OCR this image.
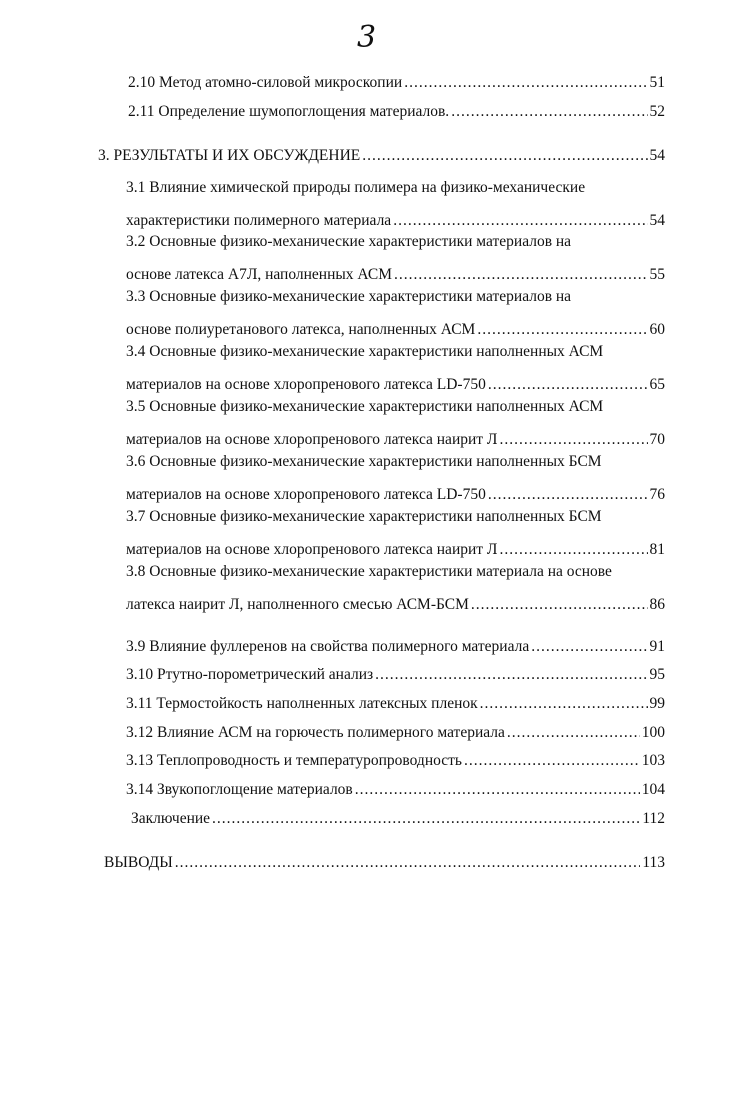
3
2.10 Метод атомно-силовой микроскопии .....	51
2.11 Определение шумопоглощения материалов. .....	52
3. РЕЗУЛЬТАТЫ И ИХ ОБСУЖДЕНИЕ .....	54
3.1 Влияние химической природы полимера на физико-механические
характеристики полимерного материала .....	54
3.2 Основные физико-механические характеристики материалов на
основе латекса А7Л, наполненных АСМ .....	55
3.3 Основные физико-механические характеристики материалов на
основе полиуретанового латекса, наполненных АСМ .....	60
3.4 Основные физико-механические характеристики наполненных АСМ
материалов на основе хлоропренового латекса LD-750 .....	65
3.5 Основные физико-механические характеристики наполненных АСМ
материалов на основе хлоропренового латекса наирит Л .....	70
3.6 Основные физико-механические характеристики наполненных БСМ
материалов на основе хлоропренового латекса LD-750 .....	76
3.7 Основные физико-механические характеристики наполненных БСМ
материалов на основе хлоропренового латекса наирит Л .....	81
3.8 Основные физико-механические характеристики материала на основе
латекса наирит Л, наполненного смесью АСМ-БСМ .....	86
3.9 Влияние фуллеренов на свойства полимерного материала .....	91
3.10 Ртутно-порометрический анализ .....	95
3.11 Термостойкость наполненных латексных пленок .....	99
3.12 Влияние АСМ на горючесть полимерного материала .....	100
3.13 Теплопроводность и температуропроводность .....	103
3.14 Звукопоглощение материалов .....	104
Заключение .....	112
ВЫВОДЫ .....	113
